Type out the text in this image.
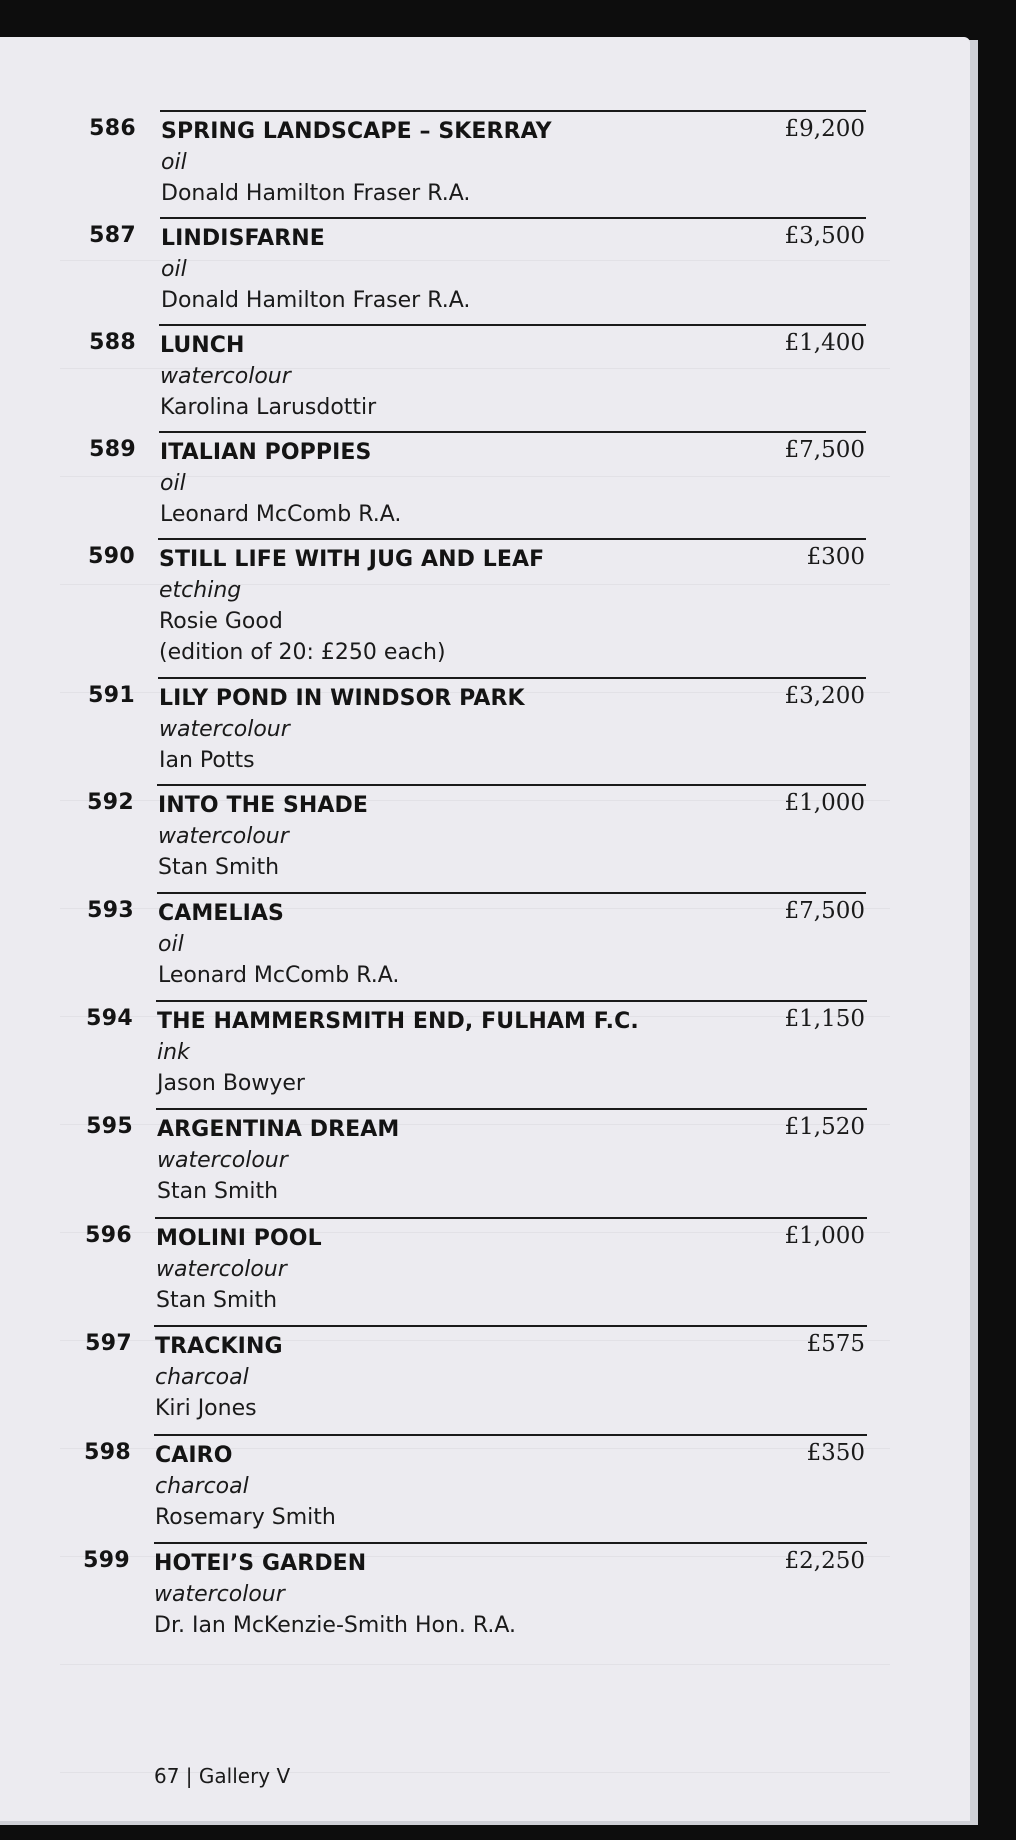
586 SPRING LANDSCAPE – SKERRAY
oil
Donald Hamilton Fraser R.A.
£9,200
587 LINDISFARNE
oil
Donald Hamilton Fraser R.A.
£3,500
588 LUNCH
watercolour
Karolina Larusdottir
£1,400
589 ITALIAN POPPIES
oil
Leonard McComb R.A.
£7,500
590 STILL LIFE WITH JUG AND LEAF
etching
Rosie Good
(edition of 20: £250 each)
£300
591 LILY POND IN WINDSOR PARK
watercolour
Ian Potts
£3,200
592 INTO THE SHADE
watercolour
Stan Smith
£1,000
593 CAMELIAS
oil
Leonard McComb R.A.
£7,500
594 THE HAMMERSMITH END, FULHAM F.C.
ink
Jason Bowyer
£1,150
595 ARGENTINA DREAM
watercolour
Stan Smith
£1,520
596 MOLINI POOL
watercolour
Stan Smith
£1,000
597 TRACKING
charcoal
Kiri Jones
£575
598 CAIRO
charcoal
Rosemary Smith
£350
599 HOTEI’S GARDEN
watercolour
Dr. Ian McKenzie-Smith Hon. R.A.
£2,250
67 | Gallery V
